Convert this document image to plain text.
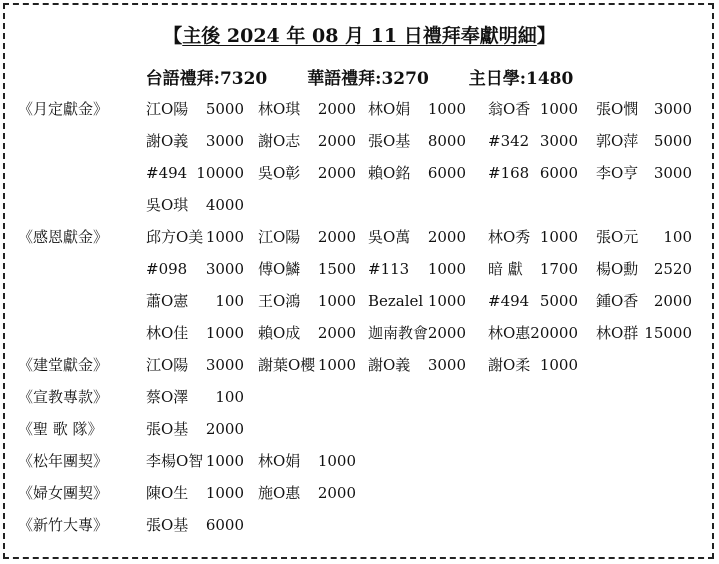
【主後 2024 年 08 月 11 日禮拜奉獻明細】
台語禮拜:7320 華語禮拜:3270 主日學:1480
《月定獻金》	江O陽	5000 林O琪	2000 林O娟	1000 翁O香 1000 張O憫	3000
謝O義	3000 謝O志	2000 張O基	8000 #342 3000 郭O萍	5000
#494 10000 吳O彰	2000 賴O銘	6000 #168 6000 李O亨	3000
吳O琪	4000
《感恩獻金》	邱方O美 1000 江O陽	2000 吳O萬	2000 林O秀 1000 張O元	100
#098	3000 傅O鱗	1500 #113	1000 暗 獻	1700 楊O勳	2520
蕭O憲	100 王O鴻	1000 Bezalel 1000 #494 5000 鍾O香	2000
林O佳	1000 賴O成	2000 迦南教會 2000 林O惠 20000 林O群 15000
《建堂獻金》	江O陽	3000 謝葉O櫻 1000 謝O義	3000 謝O柔 1000
《宣教專款》	蔡O澤	100
《聖 歌 隊》	張O基	2000
《松年團契》	李楊O智 1000 林O娟	1000
《婦女團契》	陳O生	1000 施O惠	2000
《新竹大專》	張O基	6000
